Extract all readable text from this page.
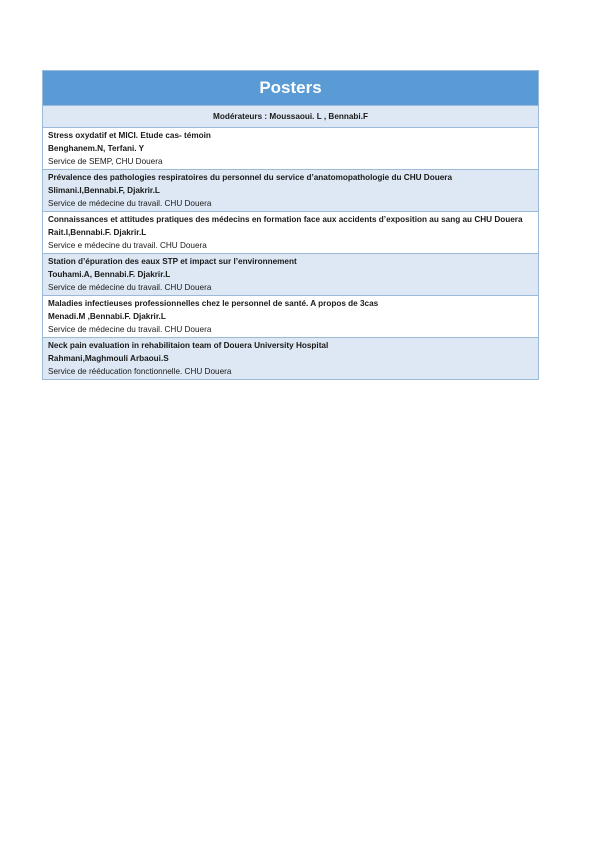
Posters
Modérateurs : Moussaoui. L , Bennabi.F
Stress oxydatif et MICI. Etude cas- témoin
Benghanem.N, Terfani. Y
Service de SEMP, CHU Douera
Prévalence des pathologies respiratoires du personnel du service d’anatomopathologie du CHU Douera
Slimani.I,Bennabi.F, Djakrir.L
Service de médecine du travail. CHU Douera
Connaissances et attitudes pratiques des médecins en formation face aux accidents d’exposition au sang au CHU Douera
Rait.I,Bennabi.F. Djakrir.L
Service e médecine du travail. CHU Douera
Station d’épuration des eaux STP et impact sur l’environnement
Touhami.A, Bennabi.F. Djakrir.L
Service de médecine du travail. CHU Douera
Maladies infectieuses professionnelles chez le personnel de santé. A propos de 3cas
Menadi.M ,Bennabi.F. Djakrir.L
Service de médecine du travail. CHU Douera
Neck pain evaluation in rehabilitaion team of Douera University Hospital
Rahmani,Maghmouli Arbaoui.S
Service de rééducation fonctionnelle. CHU Douera
